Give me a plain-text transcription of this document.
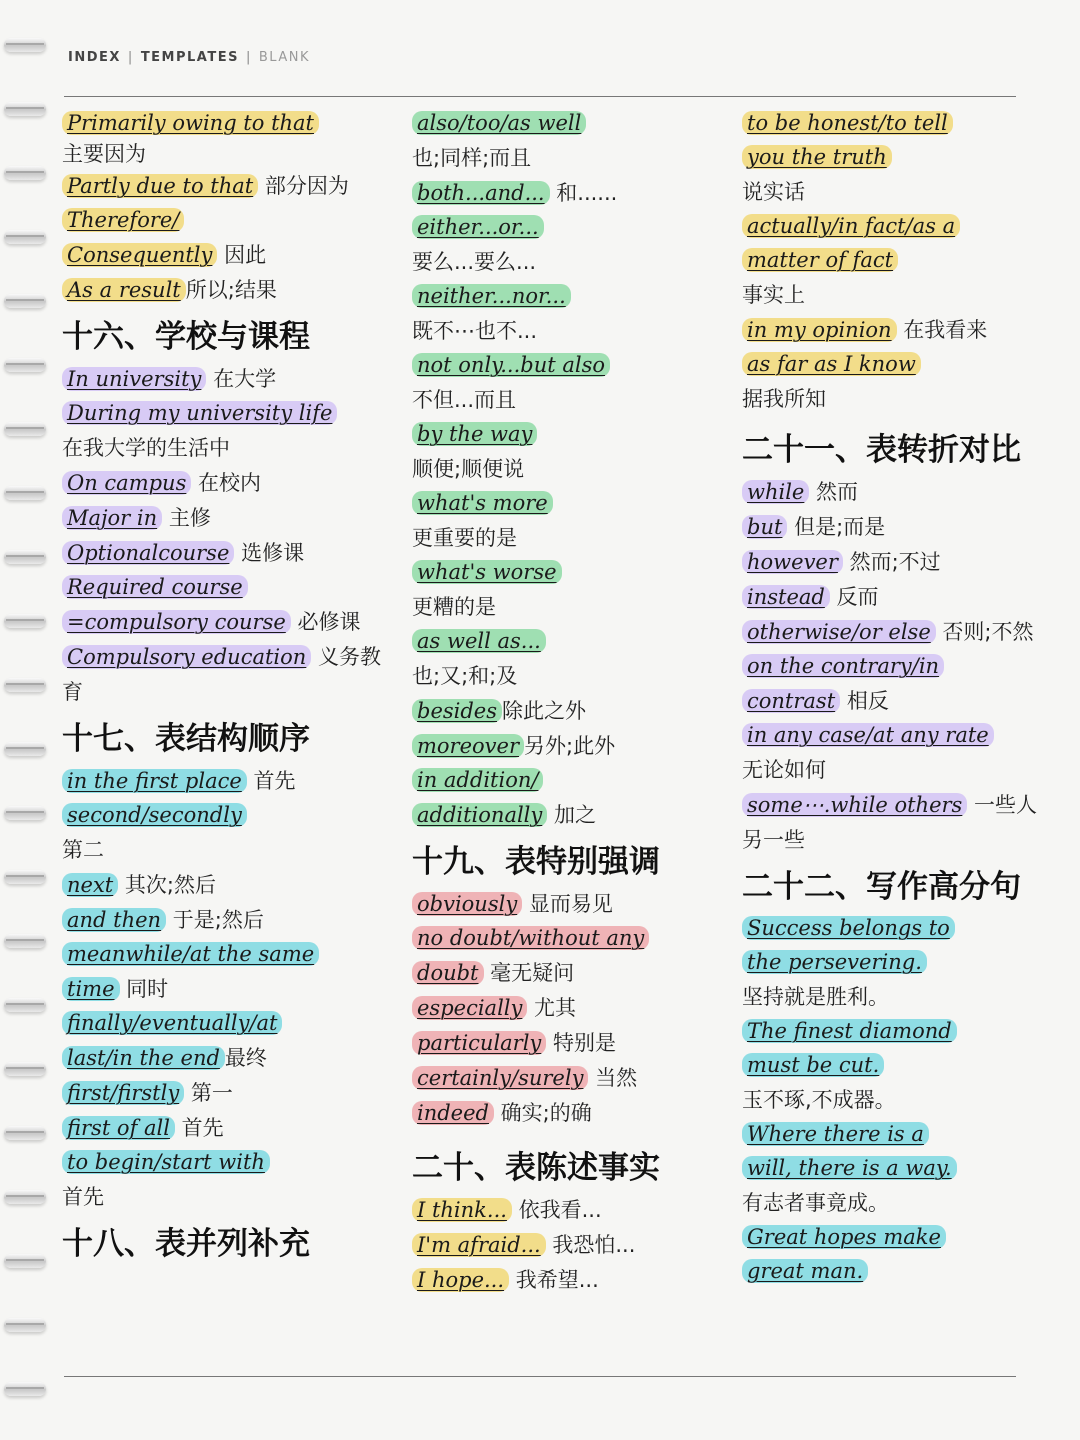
INDEX | TEMPLATES | BLANK
Primarily owing to that
主要因为
Partly due to that 部分因为
Therefore/
Consequently 因此
As a result 所以;结果
十六、学校与课程
In university 在大学
During my university life
在我大学的生活中
On campus 在校内
Major in 主修
Optionalcourse 选修课
Required course
=compulsory course 必修课
Compulsory education 义务教育
十七、表结构顺序
in the first place 首先
second/secondly
第二
next 其次;然后
and then 于是;然后
meanwhile/at the same
time 同时
finally/eventually/at
last/in the end 最终
first/firstly 第一
first of all 首先
to begin/start with
首先
十八、表并列补充
also/too/as well
也;同样;而且
both...and... 和......
either...or...
要么...要么...
neither...nor...
既不⋯也不...
not only...but also
不但...而且
by the way
顺便;顺便说
what's more
更重要的是
what's worse
更糟的是
as well as...
也;又;和;及
besides 除此之外
moreover 另外;此外
in addition/
additionally 加之
十九、表特别强调
obviously 显而易见
no doubt/without any
doubt 毫无疑问
especially 尤其
particularly 特别是
certainly/surely 当然
indeed 确实;的确
二十、表陈述事实
I think... 依我看...
I'm afraid... 我恐怕...
I hope... 我希望...
to be honest/to tell
you the truth
说实话
actually/in fact/as a
matter of fact
事实上
in my opinion 在我看来
as far as I know
据我所知
二十一、表转折对比
while 然而
but 但是;而是
however 然而;不过
instead 反而
otherwise/or else 否则;不然
on the contrary/in
contrast 相反
in any case/at any rate
无论如何
some⋯.while others 一些人另一些
二十二、写作高分句
Success belongs to
the persevering.
坚持就是胜利。
The finest diamond
must be cut.
玉不琢,不成器。
Where there is a
will, there is a way.
有志者事竟成。
Great hopes make
great man.
